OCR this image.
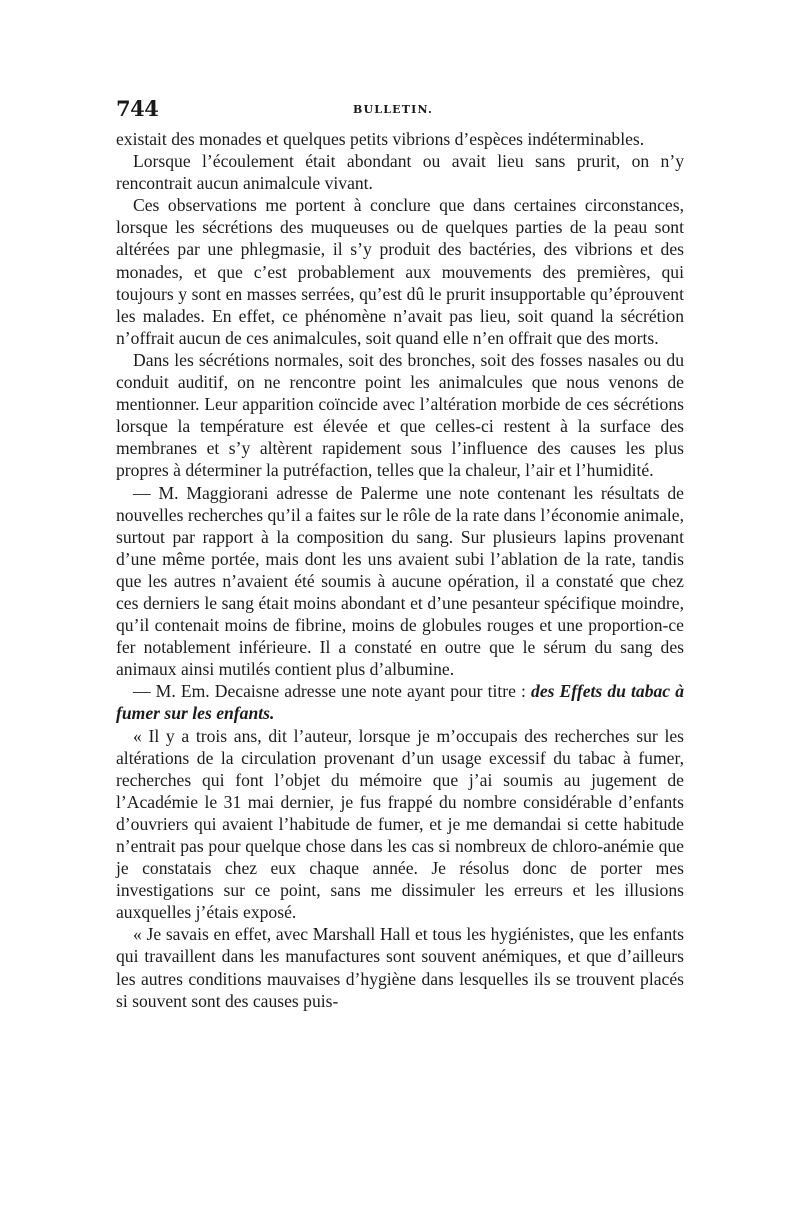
744	BULLETIN.

existait des monades et quelques petits vibrions d’espèces indéterminables.

Lorsque l’écoulement était abondant ou avait lieu sans prurit, on n’y rencontrait aucun animalcule vivant.

Ces observations me portent à conclure que dans certaines circonstances, lorsque les sécrétions des muqueuses ou de quelques parties de la peau sont altérées par une phlegmasie, il s’y produit des bactéries, des vibrions et des monades, et que c’est probablement aux mouvements des premières, qui toujours y sont en masses serrées, qu’est dû le prurit insupportable qu’éprouvent les malades. En effet, ce phénomène n’avait pas lieu, soit quand la sécrétion n’offrait aucun de ces animalcules, soit quand elle n’en offrait que des morts.

Dans les sécrétions normales, soit des bronches, soit des fosses nasales ou du conduit auditif, on ne rencontre point les animalcules que nous venons de mentionner. Leur apparition coïncide avec l’altération morbide de ces sécrétions lorsque la température est élevée et que celles-ci restent à la surface des membranes et s’y altèrent rapidement sous l’influence des causes les plus propres à déterminer la putréfaction, telles que la chaleur, l’air et l’humidité.

— M. Maggiorani adresse de Palerme une note contenant les résultats de nouvelles recherches qu’il a faites sur le rôle de la rate dans l’économie animale, surtout par rapport à la composition du sang. Sur plusieurs lapins provenant d’une même portée, mais dont les uns avaient subi l’ablation de la rate, tandis que les autres n’avaient été soumis à aucune opération, il a constaté que chez ces derniers le sang était moins abondant et d’une pesanteur spécifique moindre, qu’il contenait moins de fibrine, moins de globules rouges et une proportion-ce fer notablement inférieure. Il a constaté en outre que le sérum du sang des animaux ainsi mutilés contient plus d’albumine.

— M. Em. Decaisne adresse une note ayant pour titre : des Effets du tabac à fumer sur les enfants.

« Il y a trois ans, dit l’auteur, lorsque je m’occupais des recherches sur les altérations de la circulation provenant d’un usage excessif du tabac à fumer, recherches qui font l’objet du mémoire que j’ai soumis au jugement de l’Académie le 31 mai dernier, je fus frappé du nombre considérable d’enfants d’ouvriers qui avaient l’habitude de fumer, et je me demandai si cette habitude n’entrait pas pour quelque chose dans les cas si nombreux de chloro-anémie que je constatais chez eux chaque année. Je résolus donc de porter mes investigations sur ce point, sans me dissimuler les erreurs et les illusions auxquelles j’étais exposé.

« Je savais en effet, avec Marshall Hall et tous les hygiénistes, que les enfants qui travaillent dans les manufactures sont souvent anémiques, et que d’ailleurs les autres conditions mauvaises d’hygiène dans lesquelles ils se trouvent placés si souvent sont des causes puis-
